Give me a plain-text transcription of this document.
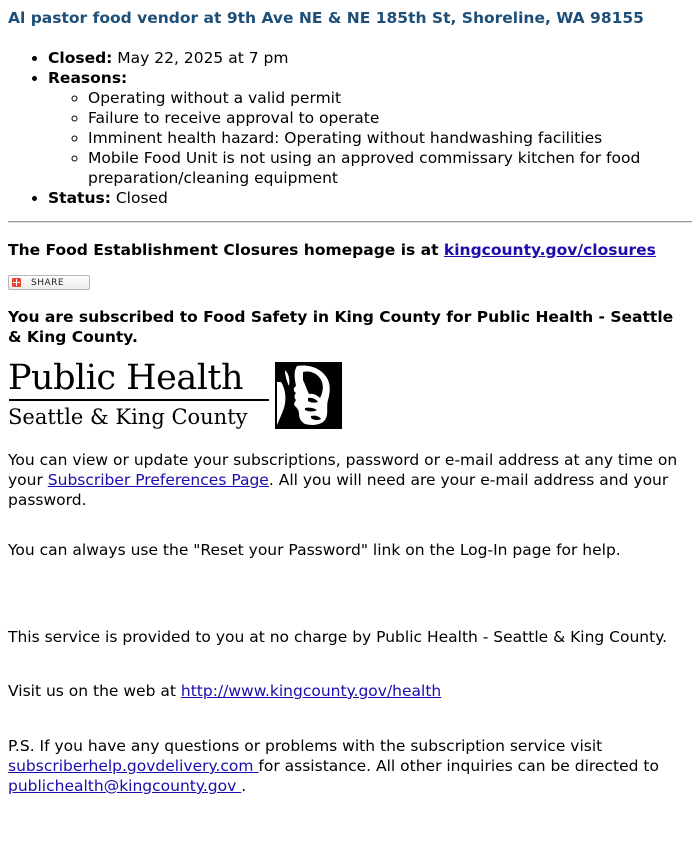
Al pastor food vendor at 9th Ave NE & NE 185th St, Shoreline, WA 98155
• Closed: May 22, 2025 at 7 pm
• Reasons:
◦ Operating without a valid permit
◦ Failure to receive approval to operate
◦ Imminent health hazard: Operating without handwashing facilities
◦ Mobile Food Unit is not using an approved commissary kitchen for food preparation/cleaning equipment
• Status: Closed

The Food Establishment Closures homepage is at kingcounty.gov/closures

SHARE

You are subscribed to Food Safety in King County for Public Health - Seattle & King County.

Public Health
Seattle & King County

You can view or update your subscriptions, password or e-mail address at any time on your Subscriber Preferences Page. All you will need are your e-mail address and your password.

You can always use the "Reset your Password" link on the Log-In page for help.

This service is provided to you at no charge by Public Health - Seattle & King County.

Visit us on the web at http://www.kingcounty.gov/health

P.S. If you have any questions or problems with the subscription service visit subscriberhelp.govdelivery.com for assistance. All other inquiries can be directed to publichealth@kingcounty.gov .
